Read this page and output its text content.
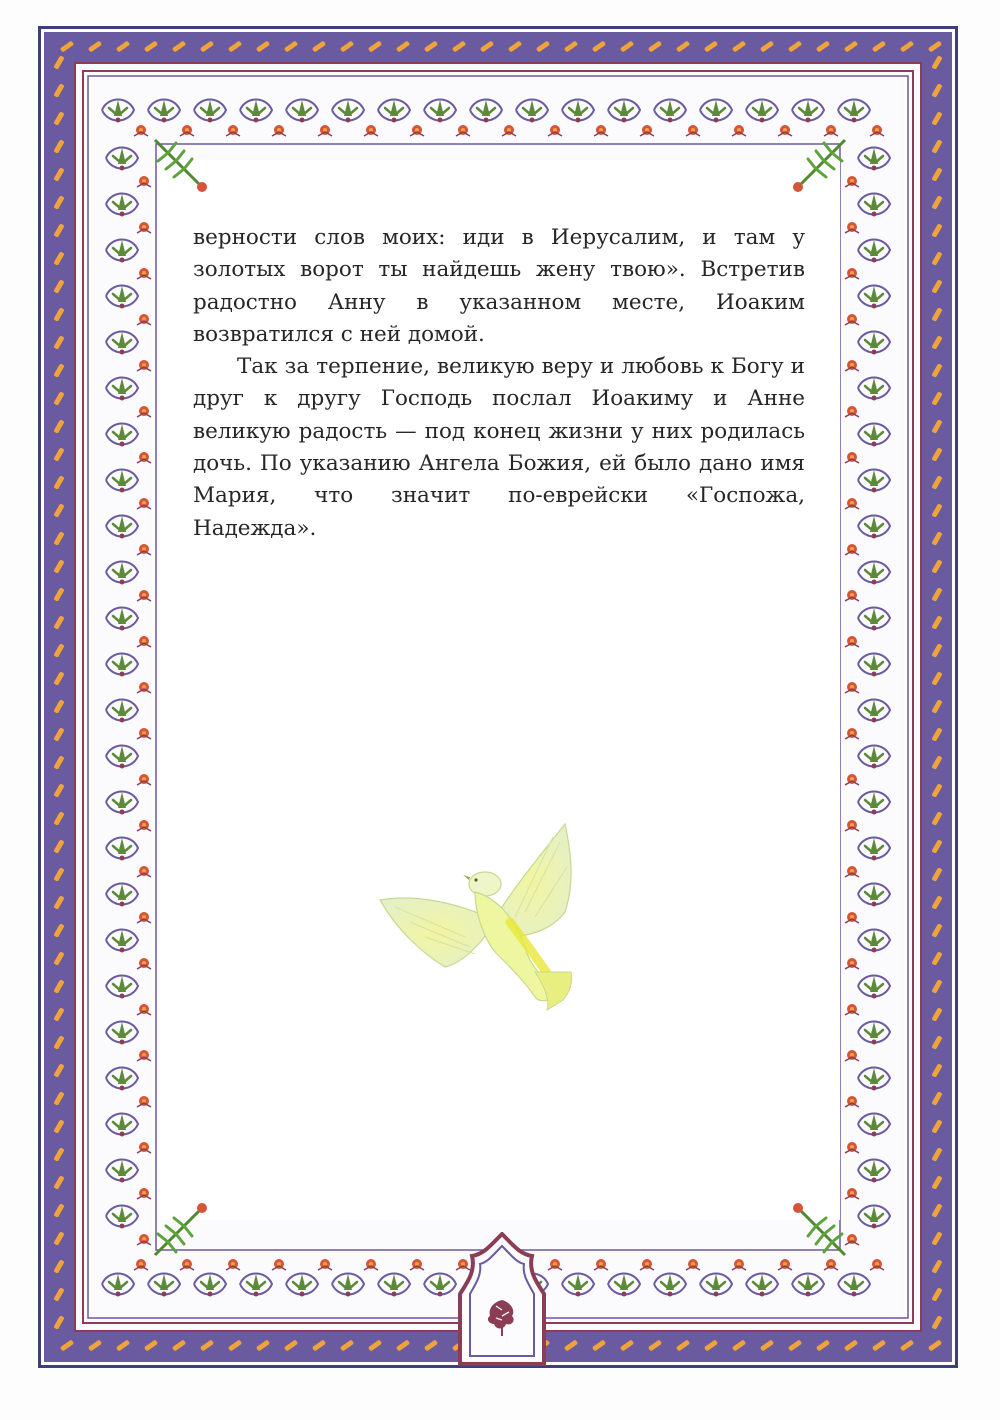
верности слов моих: иди в Иерусалим, и там у золотых ворот ты найдешь жену твою». Встретив радостно Анну в указанном месте, Иоаким возвратился с ней домой.

Так за терпение, великую веру и любовь к Богу и друг к другу Господь послал Иоакиму и Анне великую радость — под конец жизни у них родилась дочь. По указанию Ангела Божия, ей было дано имя Мария, что значит по-еврейски «Госпожа, Надежда».
